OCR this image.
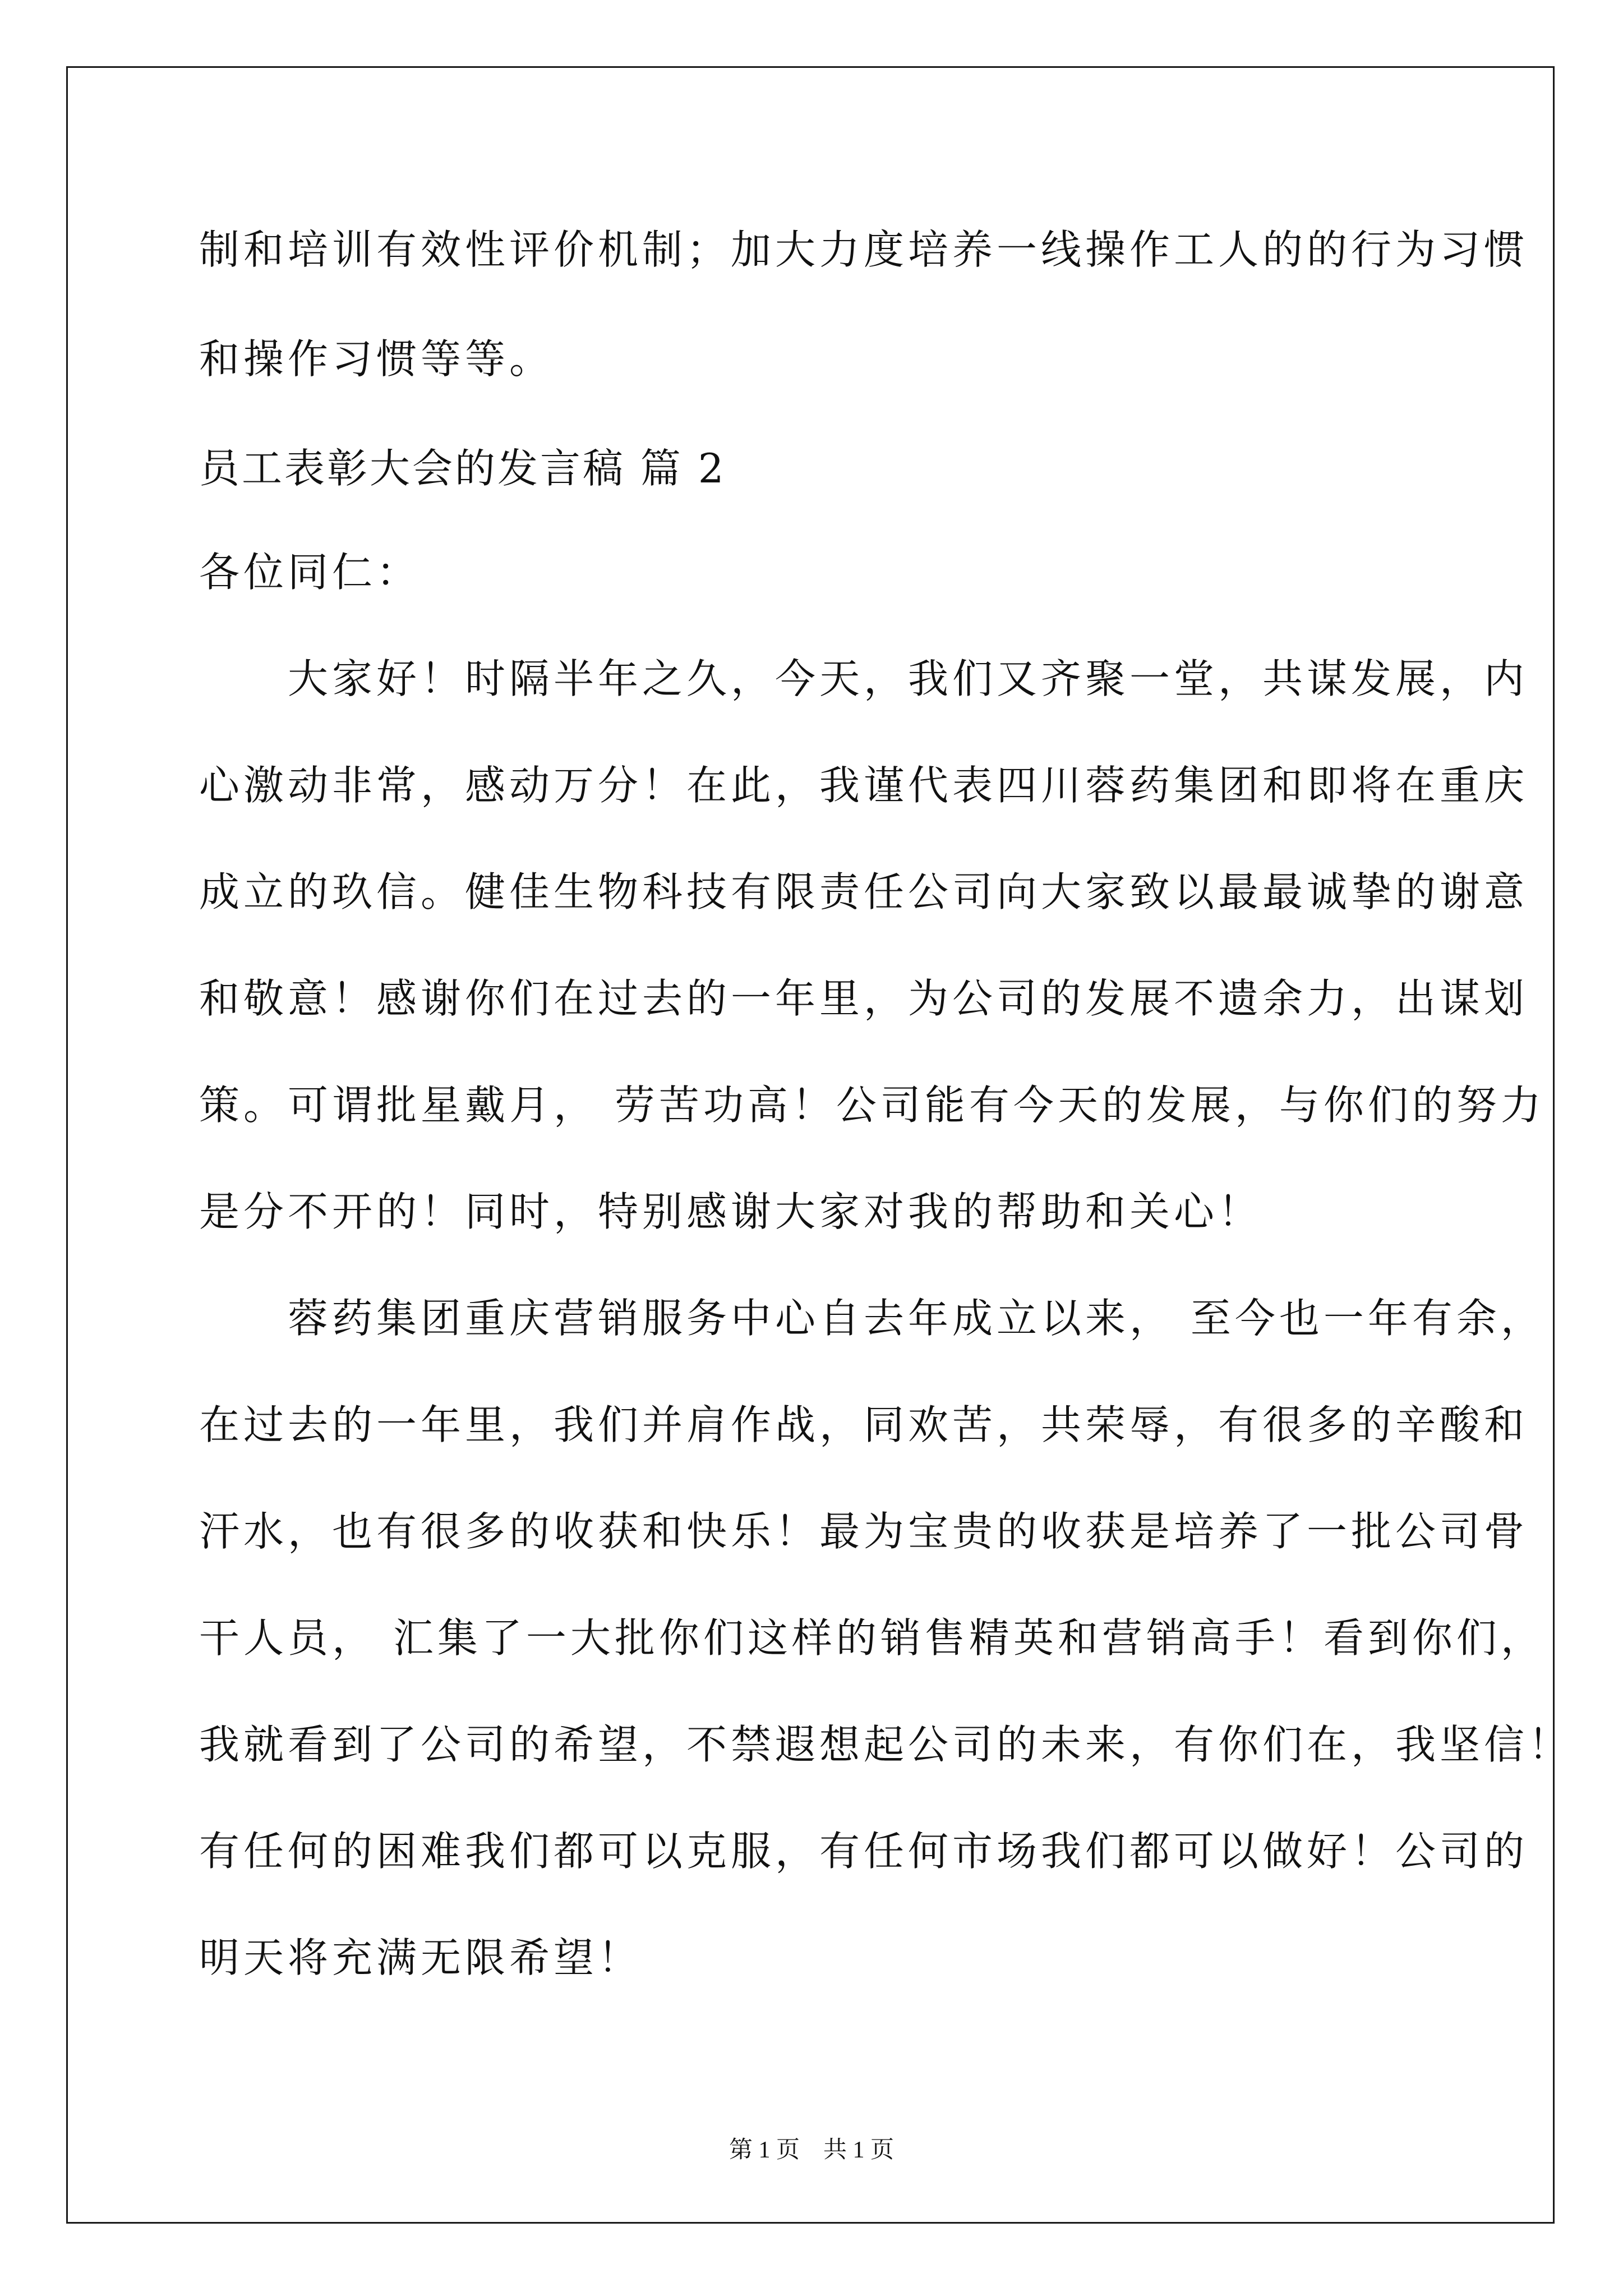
制和培训有效性评价机制；加大力度培养一线操作工人的的行为习惯
和操作习惯等等。
员工表彰大会的发言稿 篇 2
各位同仁：
　　大家好！时隔半年之久，今天，我们又齐聚一堂，共谋发展，内
心激动非常，感动万分！在此，我谨代表四川蓉药集团和即将在重庆
成立的玖信。健佳生物科技有限责任公司向大家致以最最诚挚的谢意
和敬意！感谢你们在过去的一年里，为公司的发展不遗余力，出谋划
策。可谓批星戴月， 劳苦功高！公司能有今天的发展，与你们的努力
是分不开的！同时，特别感谢大家对我的帮助和关心！
　　蓉药集团重庆营销服务中心自去年成立以来， 至今也一年有余，
在过去的一年里，我们并肩作战，同欢苦，共荣辱，有很多的辛酸和
汗水，也有很多的收获和快乐！最为宝贵的收获是培养了一批公司骨
干人员， 汇集了一大批你们这样的销售精英和营销高手！看到你们，
我就看到了公司的希望，不禁遐想起公司的未来，有你们在，我坚信！
有任何的困难我们都可以克服，有任何市场我们都可以做好！公司的
明天将充满无限希望！
第 1 页　共 1 页
